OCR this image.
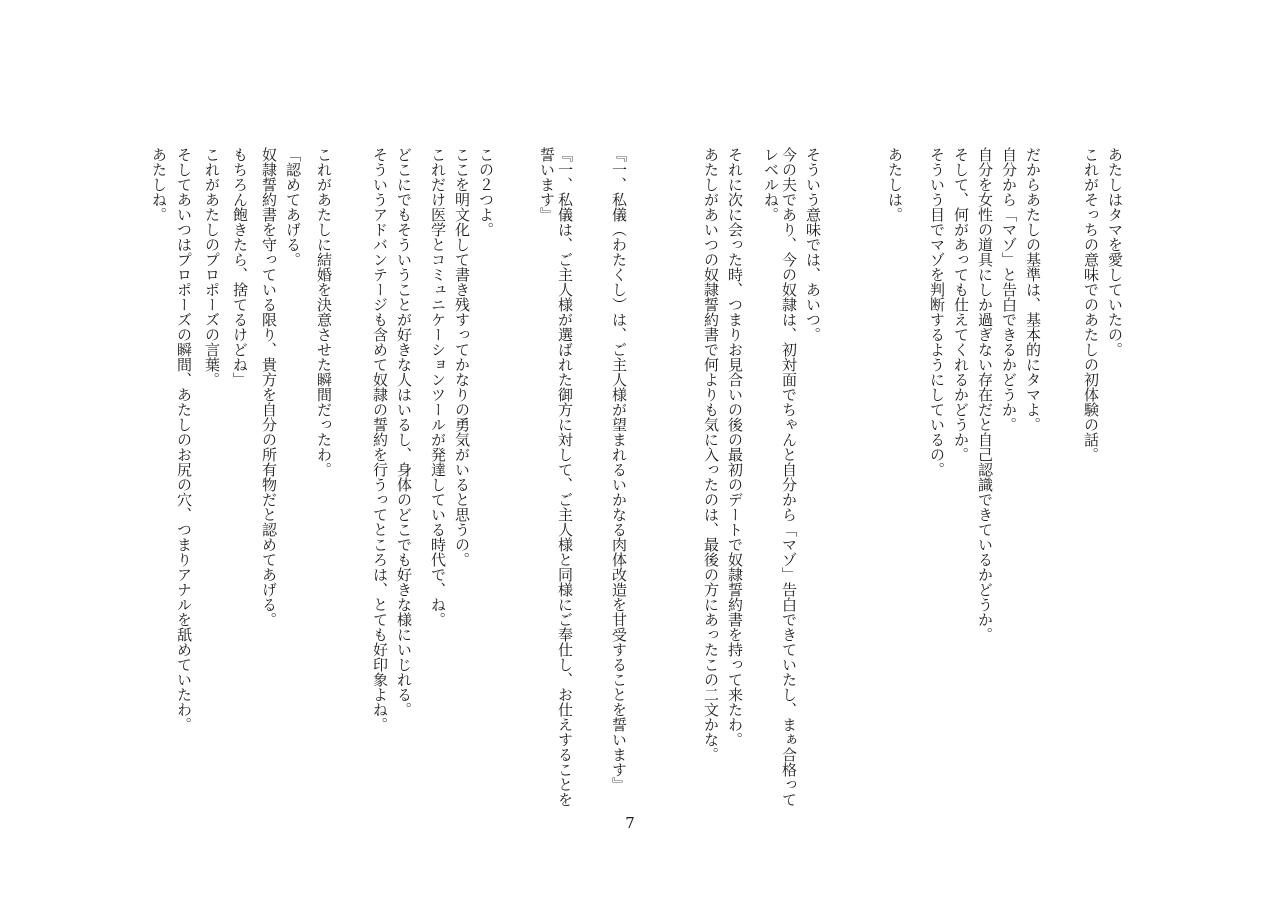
あたしはタマを愛していたの。

これがそっちの意味でのあたしの初体験の話。

だからあたしの基準は、基本的にタマよ。

自分から「マゾ」と告白できるかどうか。

自分を女性の道具にしか過ぎない存在だと自己認識できているかどうか。

そして、何があっても仕えてくれるかどうか。

そういう目でマゾを判断するようにしているの。

あたしは。

そういう意味では、あいつ。

今の夫であり、今の奴隷は、初対面でちゃんと自分から「マゾ」告白できていたし、まぁ合格ってレベルね。

それに次に会った時、つまりお見合いの後の最初のデートで奴隷誓約書を持って来たわ。

あたしがあいつの奴隷誓約書で何よりも気に入ったのは、最後の方にあったこの二文かな。

『一、私儀（わたくし）は、ご主人様が望まれるいかなる肉体改造を甘受することを誓います』

『一、私儀は、ご主人様が選ばれた御方に対して、ご主人様と同様にご奉仕し、お仕えすることを誓います』

この２つよ。

ここを明文化して書き残すってかなりの勇気がいると思うの。

これだけ医学とコミュニケーションツールが発達している時代で、ね。

どこにでもそういうことが好きな人はいるし、身体のどこでも好きな様にいじれる。

そういうアドバンテージも含めて奴隷の誓約を行うってところは、とても好印象よね。

これがあたしに結婚を決意させた瞬間だったわ。

「認めてあげる。

奴隷誓約書を守っている限り、貴方を自分の所有物だと認めてあげる。

もちろん飽きたら、捨てるけどね」

これがあたしのプロポーズの言葉。

そしてあいつはプロポーズの瞬間、あたしのお尻の穴、つまりアナルを舐めていたわ。

あたしね。

7
